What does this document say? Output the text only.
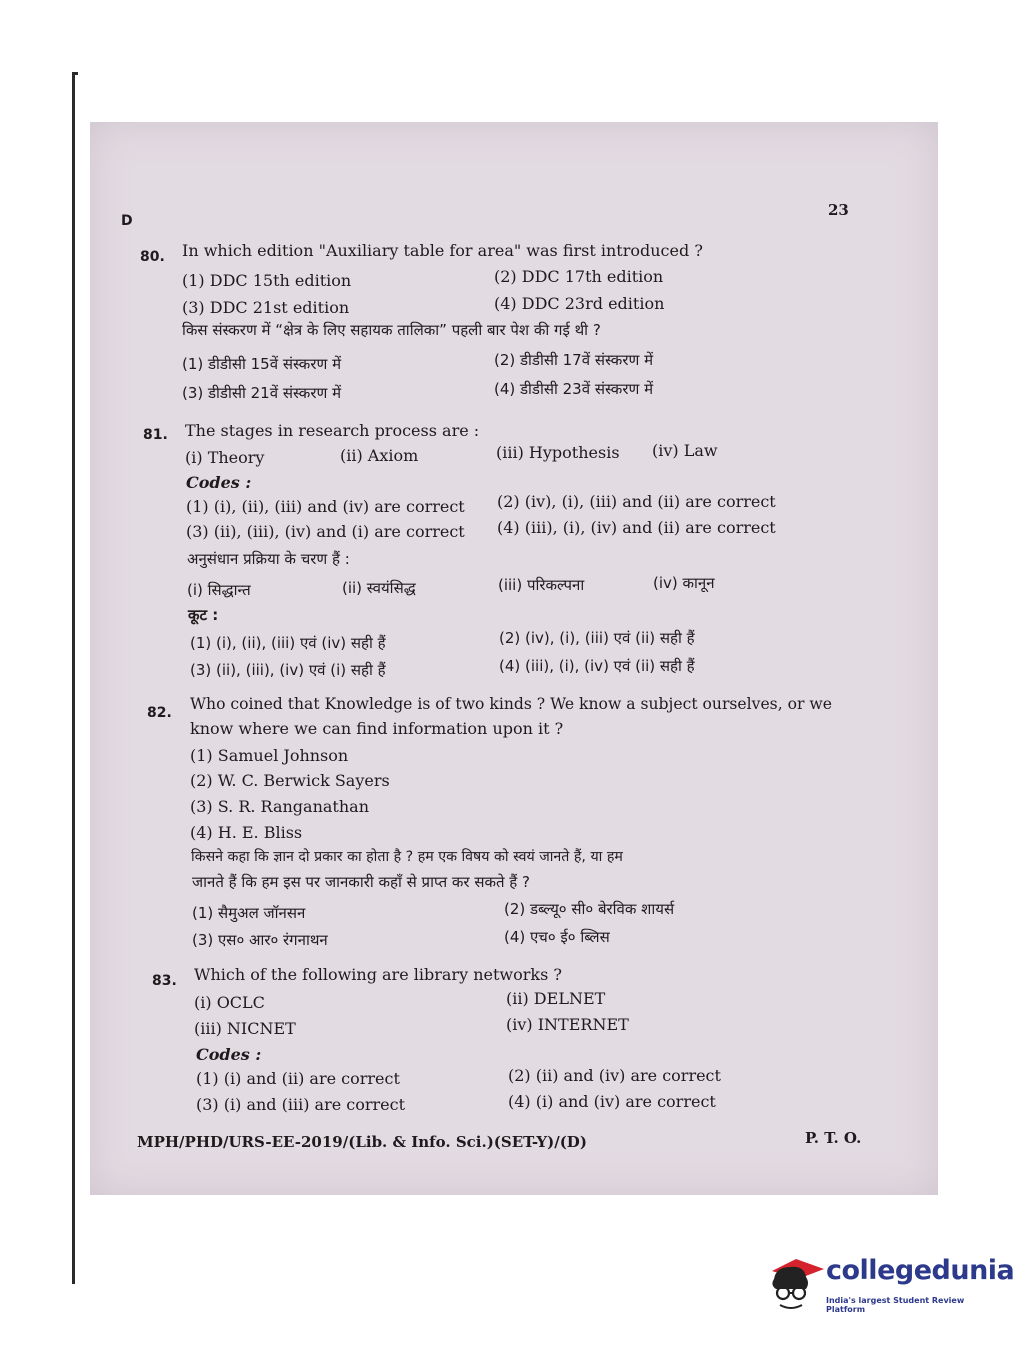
D
23
80. In which edition "Auxiliary table for area" was first introduced ?
(1) DDC 15th edition	(2) DDC 17th edition
(3) DDC 21st edition	(4) DDC 23rd edition
किस संस्करण में “क्षेत्र के लिए सहायक तालिका” पहली बार पेश की गई थी ?
(1) डीडीसी 15वें संस्करण में	(2) डीडीसी 17वें संस्करण में
(3) डीडीसी 21वें संस्करण में	(4) डीडीसी 23वें संस्करण में
81. The stages in research process are :
(i) Theory	(ii) Axiom	(iii) Hypothesis (iv) Law
Codes :
(1) (i), (ii), (iii) and (iv) are correct (2) (iv), (i), (iii) and (ii) are correct
(3) (ii), (iii), (iv) and (i) are correct (4) (iii), (i), (iv) and (ii) are correct
अनुसंधान प्रक्रिया के चरण हैं :
(i) सिद्धान्त	(ii) स्वयंसिद्ध	(iii) परिकल्पना	(iv) कानून
कूट :
(1) (i), (ii), (iii) एवं (iv) सही हैं	(2) (iv), (i), (iii) एवं (ii) सही हैं
(3) (ii), (iii), (iv) एवं (i) सही हैं	(4) (iii), (i), (iv) एवं (ii) सही हैं
82. Who coined that Knowledge is of two kinds ? We know a subject ourselves, or we
know where we can find information upon it ?
(1) Samuel Johnson
(2) W. C. Berwick Sayers
(3) S. R. Ranganathan
(4) H. E. Bliss
किसने कहा कि ज्ञान दो प्रकार का होता है ? हम एक विषय को स्वयं जानते हैं, या हम
जानते हैं कि हम इस पर जानकारी कहाँ से प्राप्त कर सकते हैं ?
(1) सैमुअल जॉनसन	(2) डब्ल्यू० सी० बेरविक शायर्स
(3) एस० आर० रंगनाथन	(4) एच० ई० ब्लिस
83. Which of the following are library networks ?
(i) OCLC	(ii) DELNET
(iii) NICNET	(iv) INTERNET
Codes :
(1) (i) and (ii) are correct	(2) (ii) and (iv) are correct
(3) (i) and (iii) are correct	(4) (i) and (iv) are correct
MPH/PHD/URS-EE-2019/(Lib. & Info. Sci.)(SET-Y)/(D)	P. T. O.
collegedunia
India's largest Student Review Platform
